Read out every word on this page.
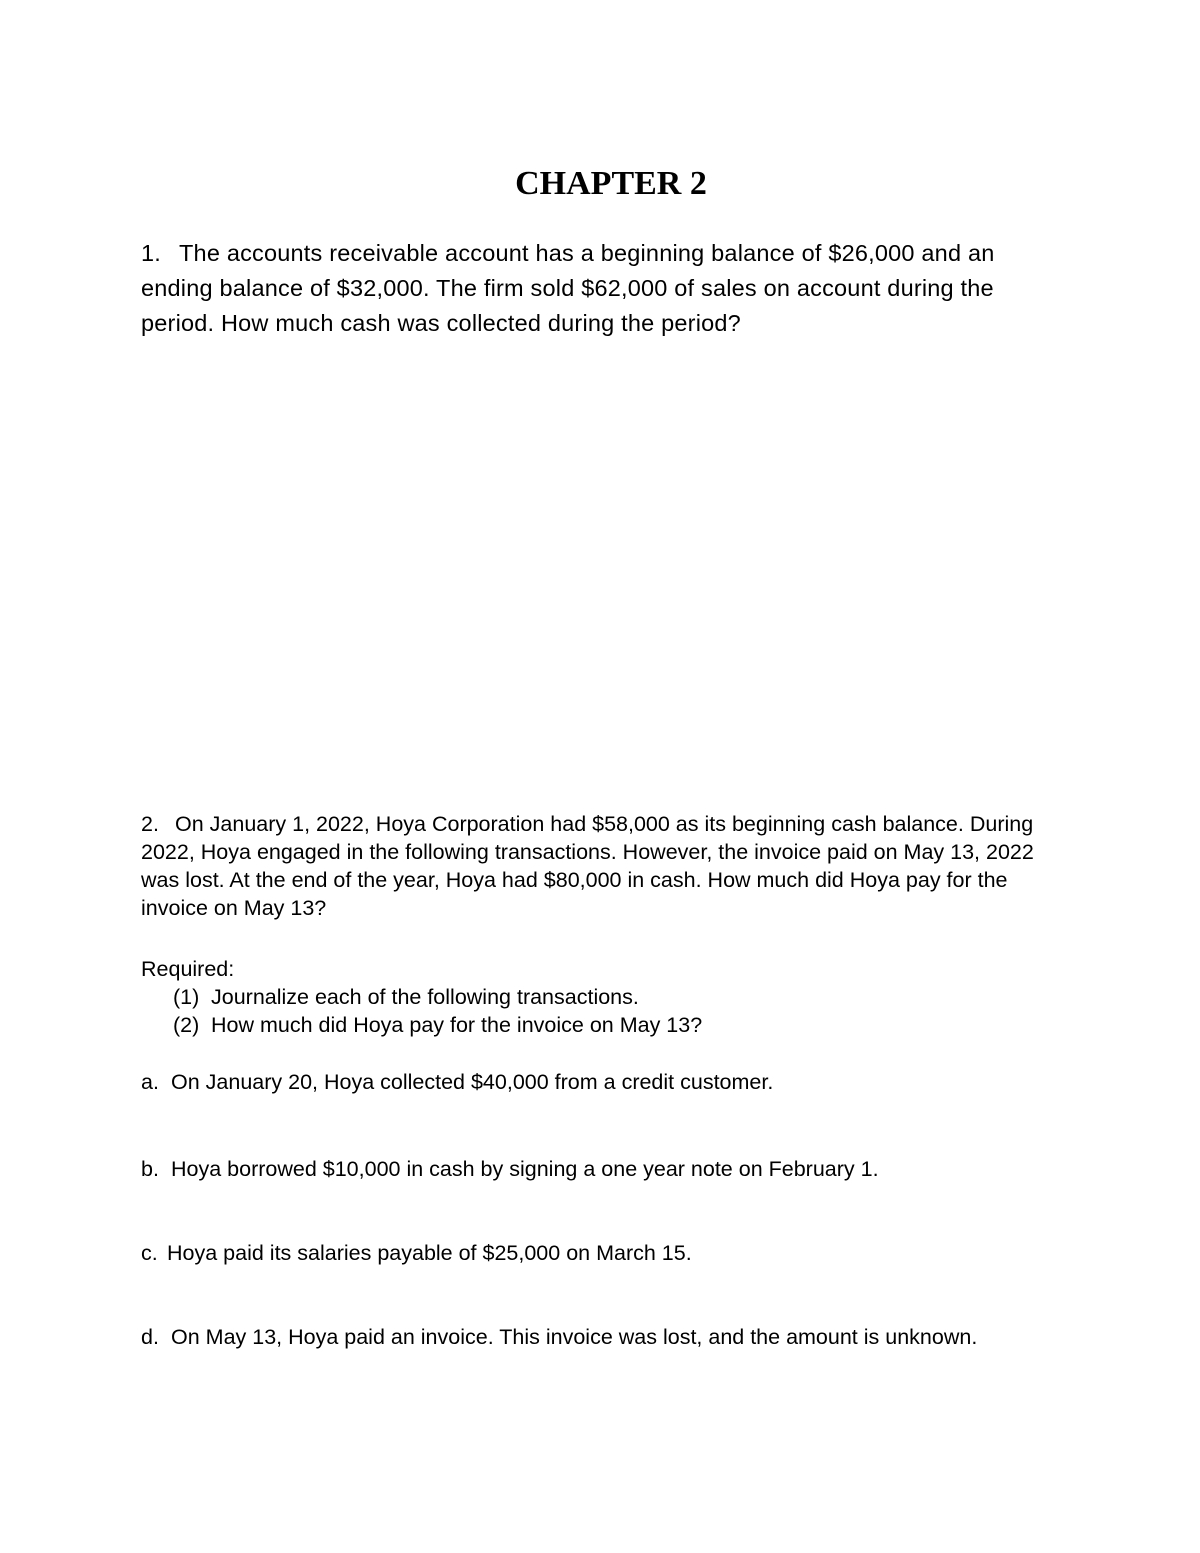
CHAPTER 2
1. The accounts receivable account has a beginning balance of $26,000 and an ending balance of $32,000. The firm sold $62,000 of sales on account during the period. How much cash was collected during the period?
2. On January 1, 2022, Hoya Corporation had $58,000 as its beginning cash balance. During 2022, Hoya engaged in the following transactions. However, the invoice paid on May 13, 2022 was lost. At the end of the year, Hoya had $80,000 in cash. How much did Hoya pay for the invoice on May 13?
Required:
(1) Journalize each of the following transactions.
(2) How much did Hoya pay for the invoice on May 13?
a. On January 20, Hoya collected $40,000 from a credit customer.
b. Hoya borrowed $10,000 in cash by signing a one year note on February 1.
c. Hoya paid its salaries payable of $25,000 on March 15.
d. On May 13, Hoya paid an invoice. This invoice was lost, and the amount is unknown.
